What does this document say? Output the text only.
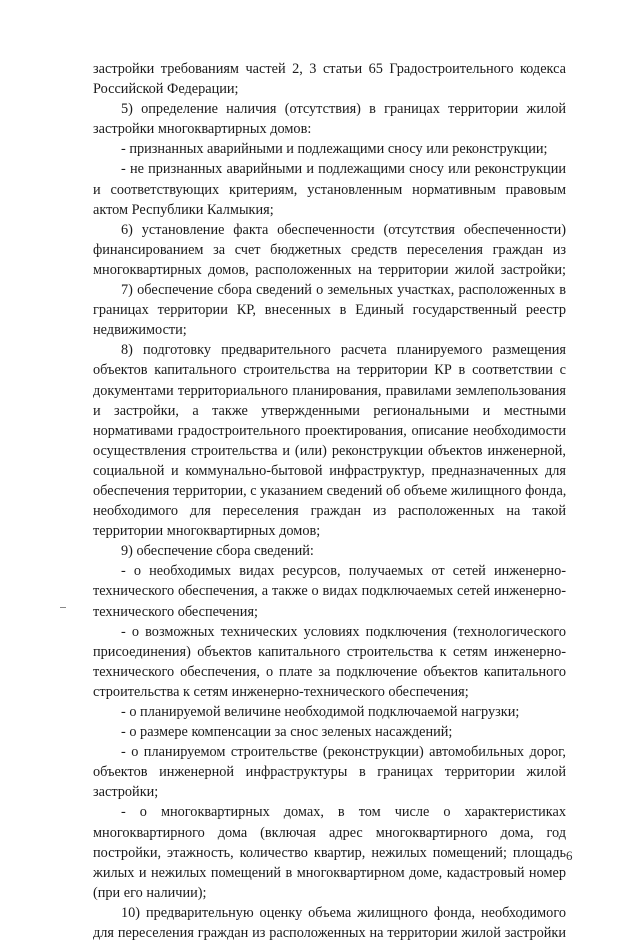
застройки требованиям частей 2, 3 статьи 65 Градостроительного кодекса
Российской Федерации;
5) определение наличия (отсутствия) в границах территории жилой
застройки многоквартирных домов:
- признанных аварийными и подлежащими сносу или реконструкции;
- не признанных аварийными и подлежащими сносу или реконструкции
и соответствующих критериям, установленным нормативным правовым
актом Республики Калмыкия;
6) установление факта обеспеченности (отсутствия обеспеченности)
финансированием за счет бюджетных средств переселения граждан из
многоквартирных домов, расположенных на территории жилой застройки;
7) обеспечение сбора сведений о земельных участках, расположенных в
границах территории КР, внесенных в Единый государственный реестр
недвижимости;
8) подготовку предварительного расчета планируемого размещения
объектов капитального строительства на территории КР в соответствии с
документами территориального планирования, правилами землепользования
и застройки, а также утвержденными региональными и местными
нормативами градостроительного проектирования, описание необходимости
осуществления строительства и (или) реконструкции объектов инженерной,
социальной и коммунально-бытовой инфраструктур, предназначенных для
обеспечения территории, с указанием сведений об объеме жилищного фонда,
необходимого для переселения граждан из расположенных на такой
территории многоквартирных домов;
9) обеспечение сбора сведений:
- о необходимых видах ресурсов, получаемых от сетей инженерно-
технического обеспечения, а также о видах подключаемых сетей инженерно-
технического обеспечения;
- о возможных технических условиях подключения (технологического
присоединения) объектов капитального строительства к сетям инженерно-
технического обеспечения, о плате за подключение объектов капитального
строительства к сетям инженерно-технического обеспечения;
- о планируемой величине необходимой подключаемой нагрузки;
- о размере компенсации за снос зеленых насаждений;
- о планируемом строительстве (реконструкции) автомобильных дорог,
объектов инженерной инфраструктуры в границах территории жилой
застройки;
- о многоквартирных домах, в том числе о характеристиках
многоквартирного дома (включая адрес многоквартирного дома, год
постройки, этажность, количество квартир, нежилых помещений; площадь
жилых и нежилых помещений в многоквартирном доме, кадастровый номер
(при его наличии);
10) предварительную оценку объема жилищного фонда, необходимого
для переселения граждан из расположенных на территории жилой застройки
6
